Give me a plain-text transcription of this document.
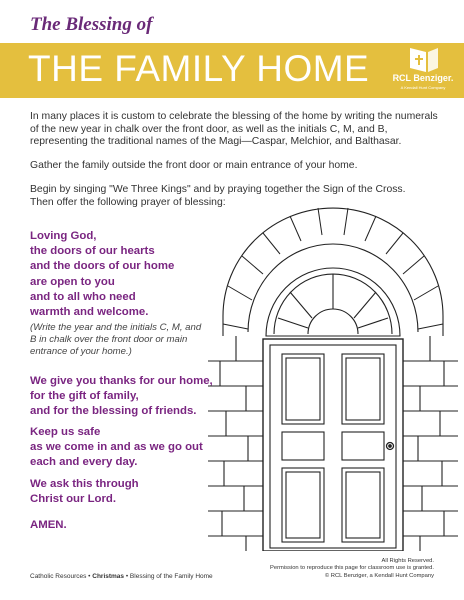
The Blessing of
THE FAMILY HOME	RCL Benziger.
A Kendall Hunt Company
In many places it is custom to celebrate the blessing of the home by writing the numerals of the new year in chalk over the front door, as well as the initials C, M, and B, representing the traditional names of the Magi—Caspar, Melchior, and Balthasar.
Gather the family outside the front door or main entrance of your home.
Begin by singing "We Three Kings" and by praying together the Sign of the Cross.
Then offer the following prayer of blessing:
Loving God,
the doors of our hearts
and the doors of our home
are open to you
and to all who need
warmth and welcome.
(Write the year and the initials C, M, and
B in chalk over the front door or main
entrance of your home.)
We give you thanks for our home,
for the gift of family,
and for the blessing of friends.
Keep us safe
as we come in and as we go out
each and every day.
We ask this through
Christ our Lord.
AMEN.
Catholic Resources • Christmas • Blessing of the Family Home
All Rights Reserved.
Permission to reproduce this page for classroom use is granted.
© RCL Benziger, a Kendall Hunt Company
